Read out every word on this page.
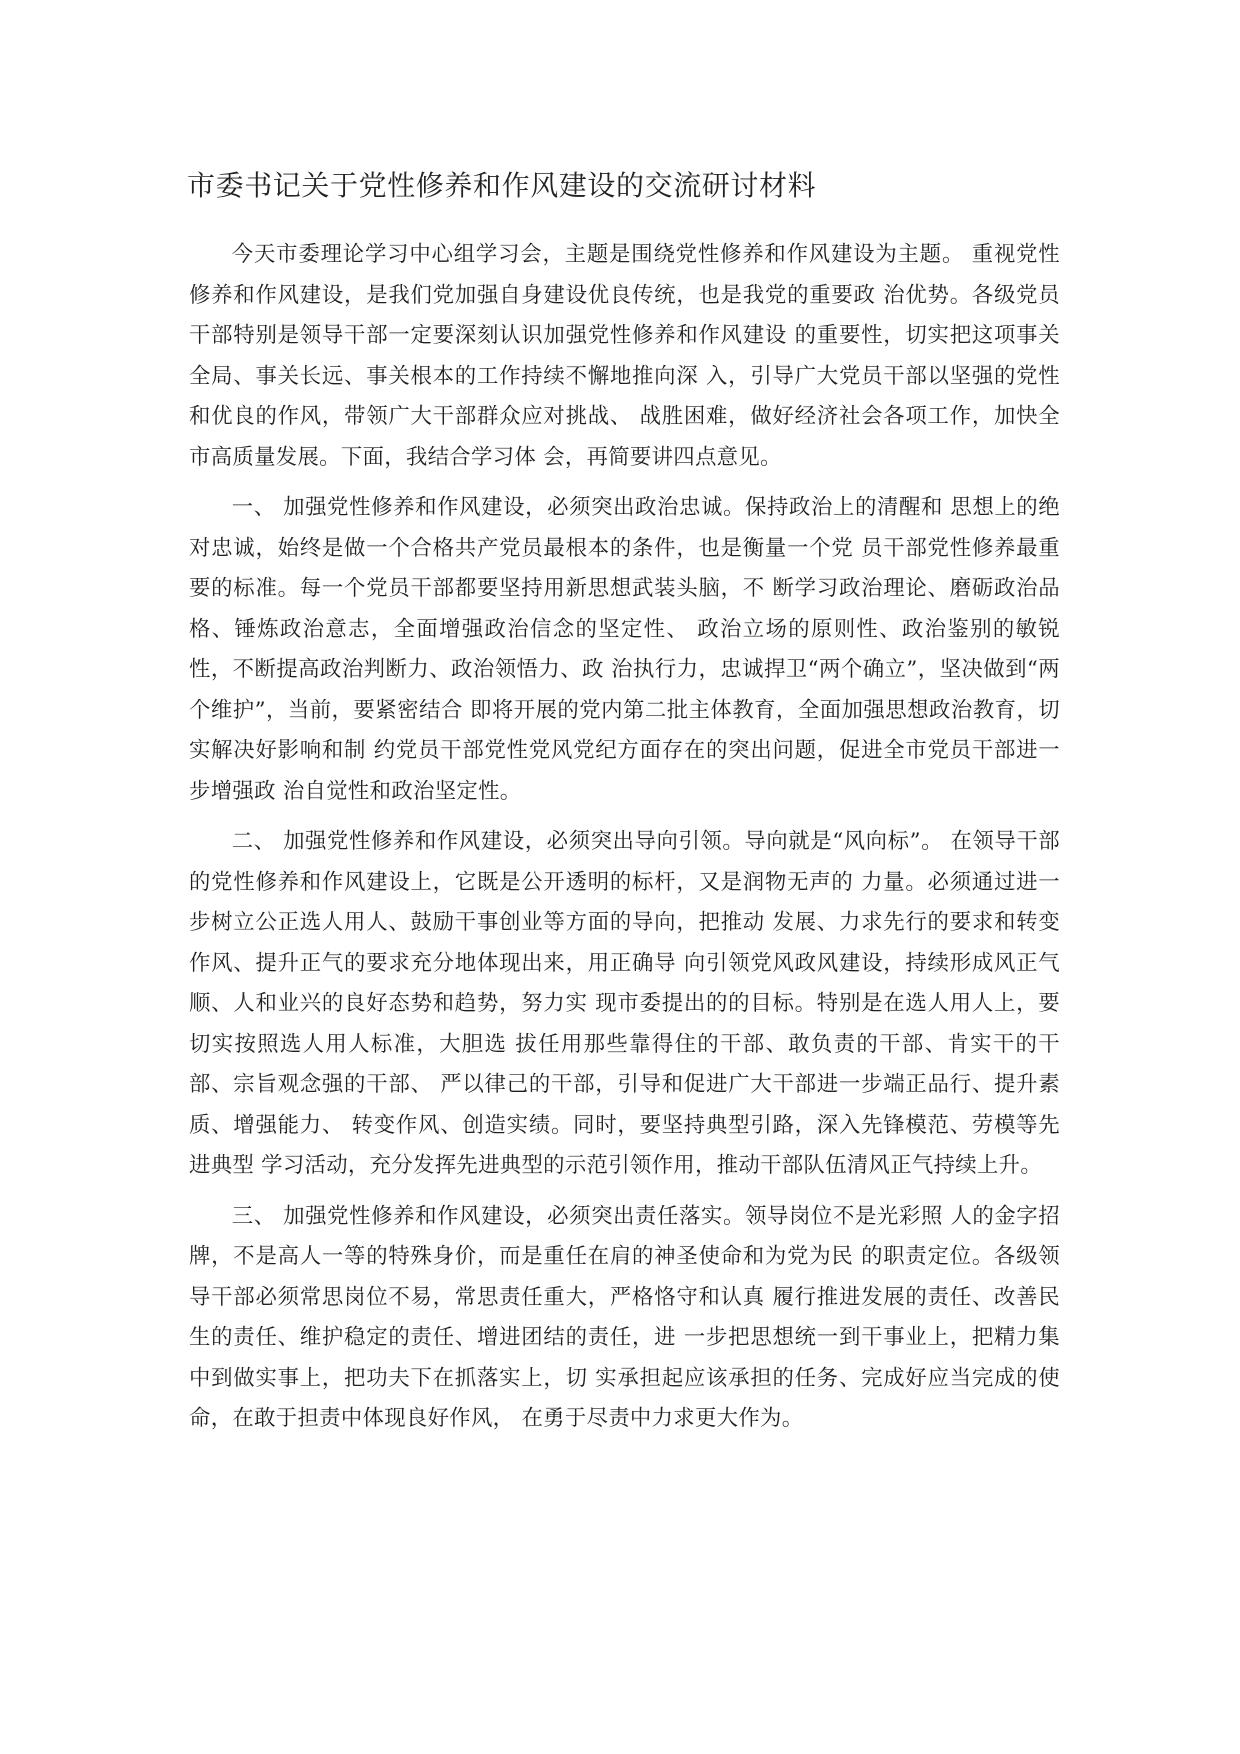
市委书记关于党性修养和作风建设的交流研讨材料

今天市委理论学习中心组学习会，主题是围绕党性修养和作风建设为主题。 重视党性修养和作风建设，是我们党加强自身建设优良传统，也是我党的重要政 治优势。各级党员干部特别是领导干部一定要深刻认识加强党性修养和作风建设 的重要性，切实把这项事关全局、事关长远、事关根本的工作持续不懈地推向深 入，引导广大党员干部以坚强的党性和优良的作风，带领广大干部群众应对挑战、 战胜困难，做好经济社会各项工作，加快全市高质量发展。下面，我结合学习体 会，再简要讲四点意见。

一、 加强党性修养和作风建设，必须突出政治忠诚。保持政治上的清醒和 思想上的绝对忠诚，始终是做一个合格共产党员最根本的条件，也是衡量一个党 员干部党性修养最重要的标准。每一个党员干部都要坚持用新思想武装头脑，不 断学习政治理论、磨砺政治品格、锤炼政治意志，全面增强政治信念的坚定性、 政治立场的原则性、政治鉴别的敏锐性，不断提高政治判断力、政治领悟力、政 治执行力，忠诚捍卫“两个确立”，坚决做到“两个维护”，当前，要紧密结合 即将开展的党内第二批主体教育，全面加强思想政治教育，切实解决好影响和制 约党员干部党性党风党纪方面存在的突出问题，促进全市党员干部进一步增强政 治自觉性和政治坚定性。

二、 加强党性修养和作风建设，必须突出导向引领。导向就是“风向标”。 在领导干部的党性修养和作风建设上，它既是公开透明的标杆，又是润物无声的 力量。必须通过进一步树立公正选人用人、鼓励干事创业等方面的导向，把推动 发展、力求先行的要求和转变作风、提升正气的要求充分地体现出来，用正确导 向引领党风政风建设，持续形成风正气顺、人和业兴的良好态势和趋势，努力实 现市委提出的的目标。特别是在选人用人上，要切实按照选人用人标准，大胆选 拔任用那些靠得住的干部、敢负责的干部、肯实干的干部、宗旨观念强的干部、 严以律己的干部，引导和促进广大干部进一步端正品行、提升素质、增强能力、 转变作风、创造实绩。同时，要坚持典型引路，深入先锋模范、劳模等先进典型 学习活动，充分发挥先进典型的示范引领作用，推动干部队伍清风正气持续上升。

三、 加强党性修养和作风建设，必须突出责任落实。领导岗位不是光彩照 人的金字招牌，不是高人一等的特殊身价，而是重任在肩的神圣使命和为党为民 的职责定位。各级领导干部必须常思岗位不易，常思责任重大，严格恪守和认真 履行推进发展的责任、改善民生的责任、维护稳定的责任、增进团结的责任，进 一步把思想统一到干事业上，把精力集中到做实事上，把功夫下在抓落实上，切 实承担起应该承担的任务、完成好应当完成的使命，在敢于担责中体现良好作风， 在勇于尽责中力求更大作为。
